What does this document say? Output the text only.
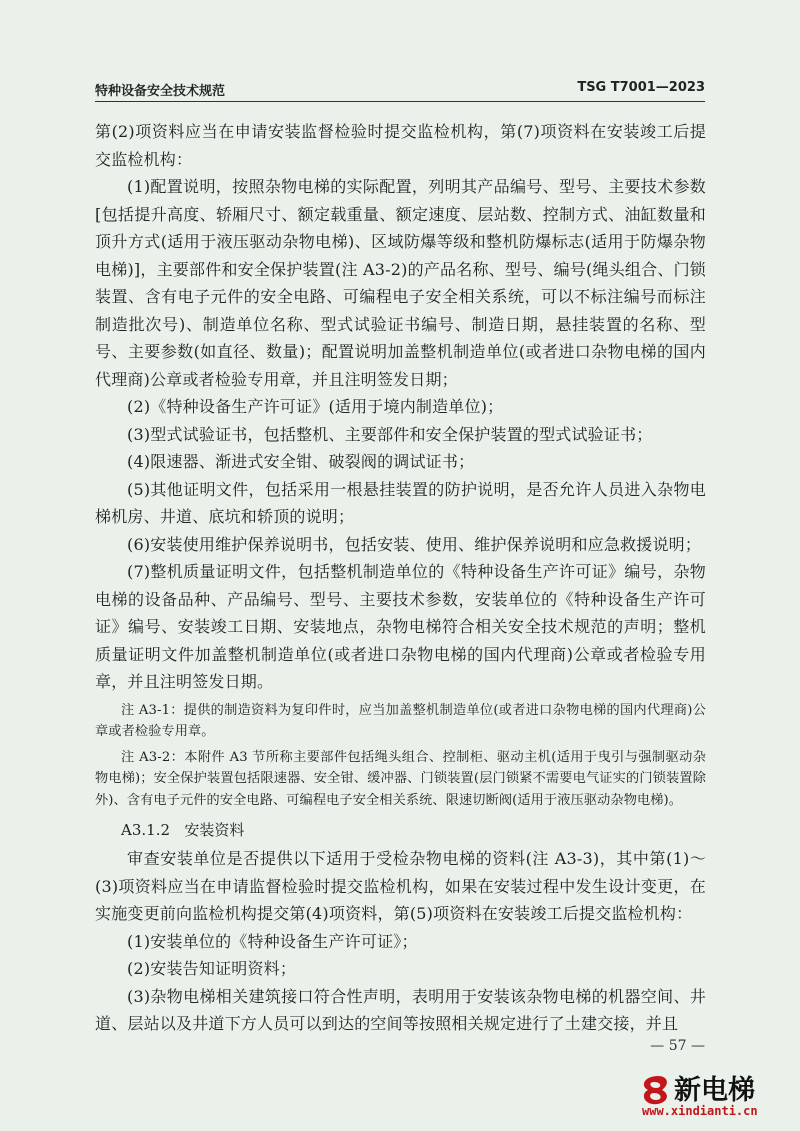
特种设备安全技术规范	TSG T7001—2023

第(2)项资料应当在申请安装监督检验时提交监检机构，第(7)项资料在安装竣工后提交监检机构：

(1)配置说明，按照杂物电梯的实际配置，列明其产品编号、型号、主要技术参数[包括提升高度、轿厢尺寸、额定载重量、额定速度、层站数、控制方式、油缸数量和顶升方式(适用于液压驱动杂物电梯)、区域防爆等级和整机防爆标志(适用于防爆杂物电梯)]，主要部件和安全保护装置(注 A3-2)的产品名称、型号、编号(绳头组合、门锁装置、含有电子元件的安全电路、可编程电子安全相关系统，可以不标注编号而标注制造批次号)、制造单位名称、型式试验证书编号、制造日期，悬挂装置的名称、型号、主要参数(如直径、数量)；配置说明加盖整机制造单位(或者进口杂物电梯的国内代理商)公章或者检验专用章，并且注明签发日期；

(2)《特种设备生产许可证》(适用于境内制造单位)；

(3)型式试验证书，包括整机、主要部件和安全保护装置的型式试验证书；

(4)限速器、渐进式安全钳、破裂阀的调试证书；

(5)其他证明文件，包括采用一根悬挂装置的防护说明，是否允许人员进入杂物电梯机房、井道、底坑和轿顶的说明；

(6)安装使用维护保养说明书，包括安装、使用、维护保养说明和应急救援说明；

(7)整机质量证明文件，包括整机制造单位的《特种设备生产许可证》编号，杂物电梯的设备品种、产品编号、型号、主要技术参数，安装单位的《特种设备生产许可证》编号、安装竣工日期、安装地点，杂物电梯符合相关安全技术规范的声明；整机质量证明文件加盖整机制造单位(或者进口杂物电梯的国内代理商)公章或者检验专用章，并且注明签发日期。

注 A3-1：提供的制造资料为复印件时，应当加盖整机制造单位(或者进口杂物电梯的国内代理商)公章或者检验专用章。

注 A3-2：本附件 A3 节所称主要部件包括绳头组合、控制柜、驱动主机(适用于曳引与强制驱动杂物电梯)；安全保护装置包括限速器、安全钳、缓冲器、门锁装置(层门锁紧不需要电气证实的门锁装置除外)、含有电子元件的安全电路、可编程电子安全相关系统、限速切断阀(适用于液压驱动杂物电梯)。

A3.1.2 安装资料

审查安装单位是否提供以下适用于受检杂物电梯的资料(注 A3-3)，其中第(1)～(3)项资料应当在申请监督检验时提交监检机构，如果在安装过程中发生设计变更，在实施变更前向监检机构提交第(4)项资料，第(5)项资料在安装竣工后提交监检机构：

(1)安装单位的《特种设备生产许可证》；

(2)安装告知证明资料；

(3)杂物电梯相关建筑接口符合性声明，表明用于安装该杂物电梯的机器空间、井道、层站以及井道下方人员可以到达的空间等按照相关规定进行了土建交接，并且

— 57 —
新电梯
www.xindianti.cn
